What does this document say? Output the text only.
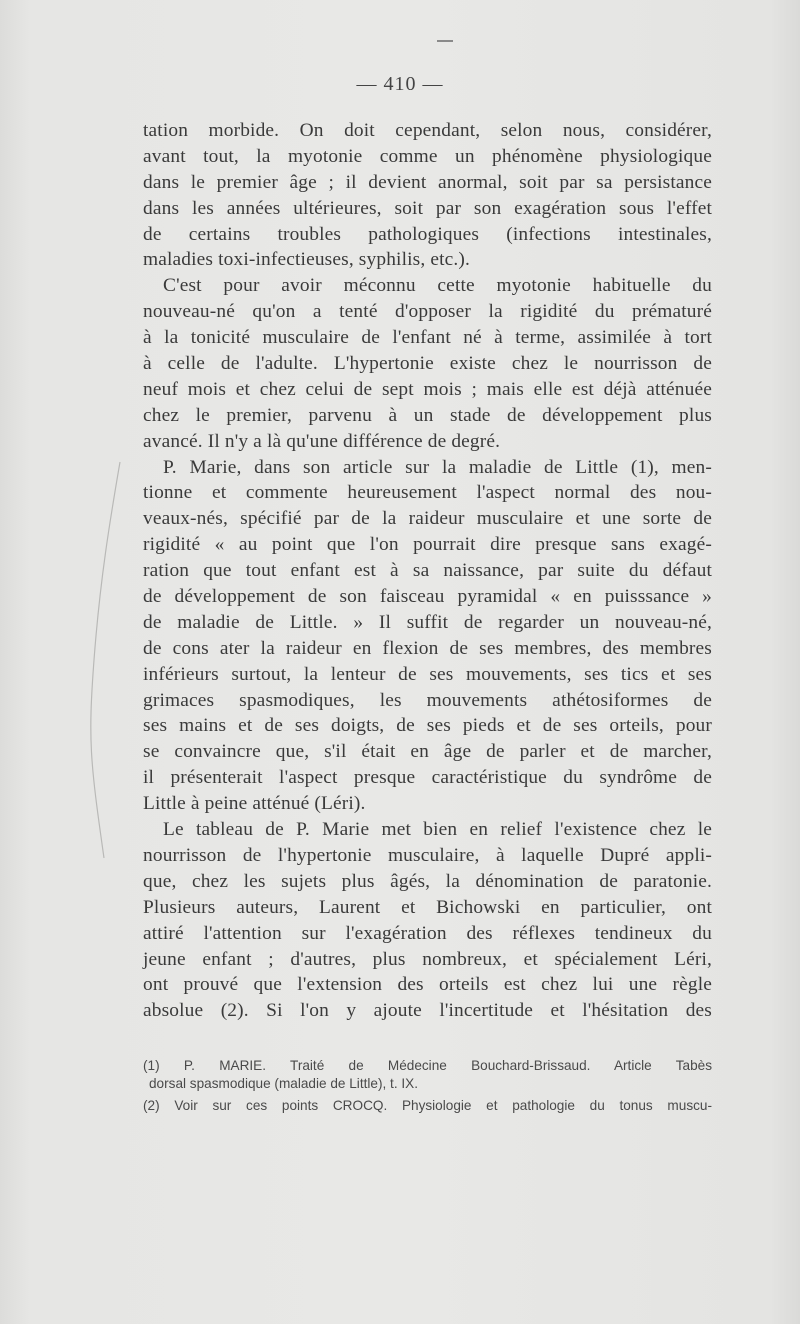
— 410 —
tation morbide. On doit cependant, selon nous, considérer,
avant tout, la myotonie comme un phénomène physiologique
dans le premier âge ; il devient anormal, soit par sa persistance
dans les années ultérieures, soit par son exagération sous l'effet
de certains troubles pathologiques (infections intestinales,
maladies toxi-infectieuses, syphilis, etc.).
C'est pour avoir méconnu cette myotonie habituelle du
nouveau-né qu'on a tenté d'opposer la rigidité du prématuré
à la tonicité musculaire de l'enfant né à terme, assimilée à tort
à celle de l'adulte. L'hypertonie existe chez le nourrisson de
neuf mois et chez celui de sept mois ; mais elle est déjà atténuée
chez le premier, parvenu à un stade de développement plus
avancé. Il n'y a là qu'une différence de degré.
P. Marie, dans son article sur la maladie de Little (1), men-
tionne et commente heureusement l'aspect normal des nou-
veaux-nés, spécifié par de la raideur musculaire et une sorte de
rigidité « au point que l'on pourrait dire presque sans exagé-
ration que tout enfant est à sa naissance, par suite du défaut
de développement de son faisceau pyramidal « en puisssance »
de maladie de Little. » Il suffit de regarder un nouveau-né,
de cons ater la raideur en flexion de ses membres, des membres
inférieurs surtout, la lenteur de ses mouvements, ses tics et ses
grimaces spasmodiques, les mouvements athétosiformes de
ses mains et de ses doigts, de ses pieds et de ses orteils, pour
se convaincre que, s'il était en âge de parler et de marcher,
il présenterait l'aspect presque caractéristique du syndrôme de
Little à peine atténué (Léri).
Le tableau de P. Marie met bien en relief l'existence chez le
nourrisson de l'hypertonie musculaire, à laquelle Dupré appli-
que, chez les sujets plus âgés, la dénomination de paratonie.
Plusieurs auteurs, Laurent et Bichowski en particulier, ont
attiré l'attention sur l'exagération des réflexes tendineux du
jeune enfant ; d'autres, plus nombreux, et spécialement Léri,
ont prouvé que l'extension des orteils est chez lui une règle
absolue (2). Si l'on y ajoute l'incertitude et l'hésitation des
(1) P. MARIE. Traité de Médecine Bouchard-Brissaud. Article Tabès
dorsal spasmodique (maladie de Little), t. IX.
(2) Voir sur ces points CROCQ. Physiologie et pathologie du tonus muscu-
